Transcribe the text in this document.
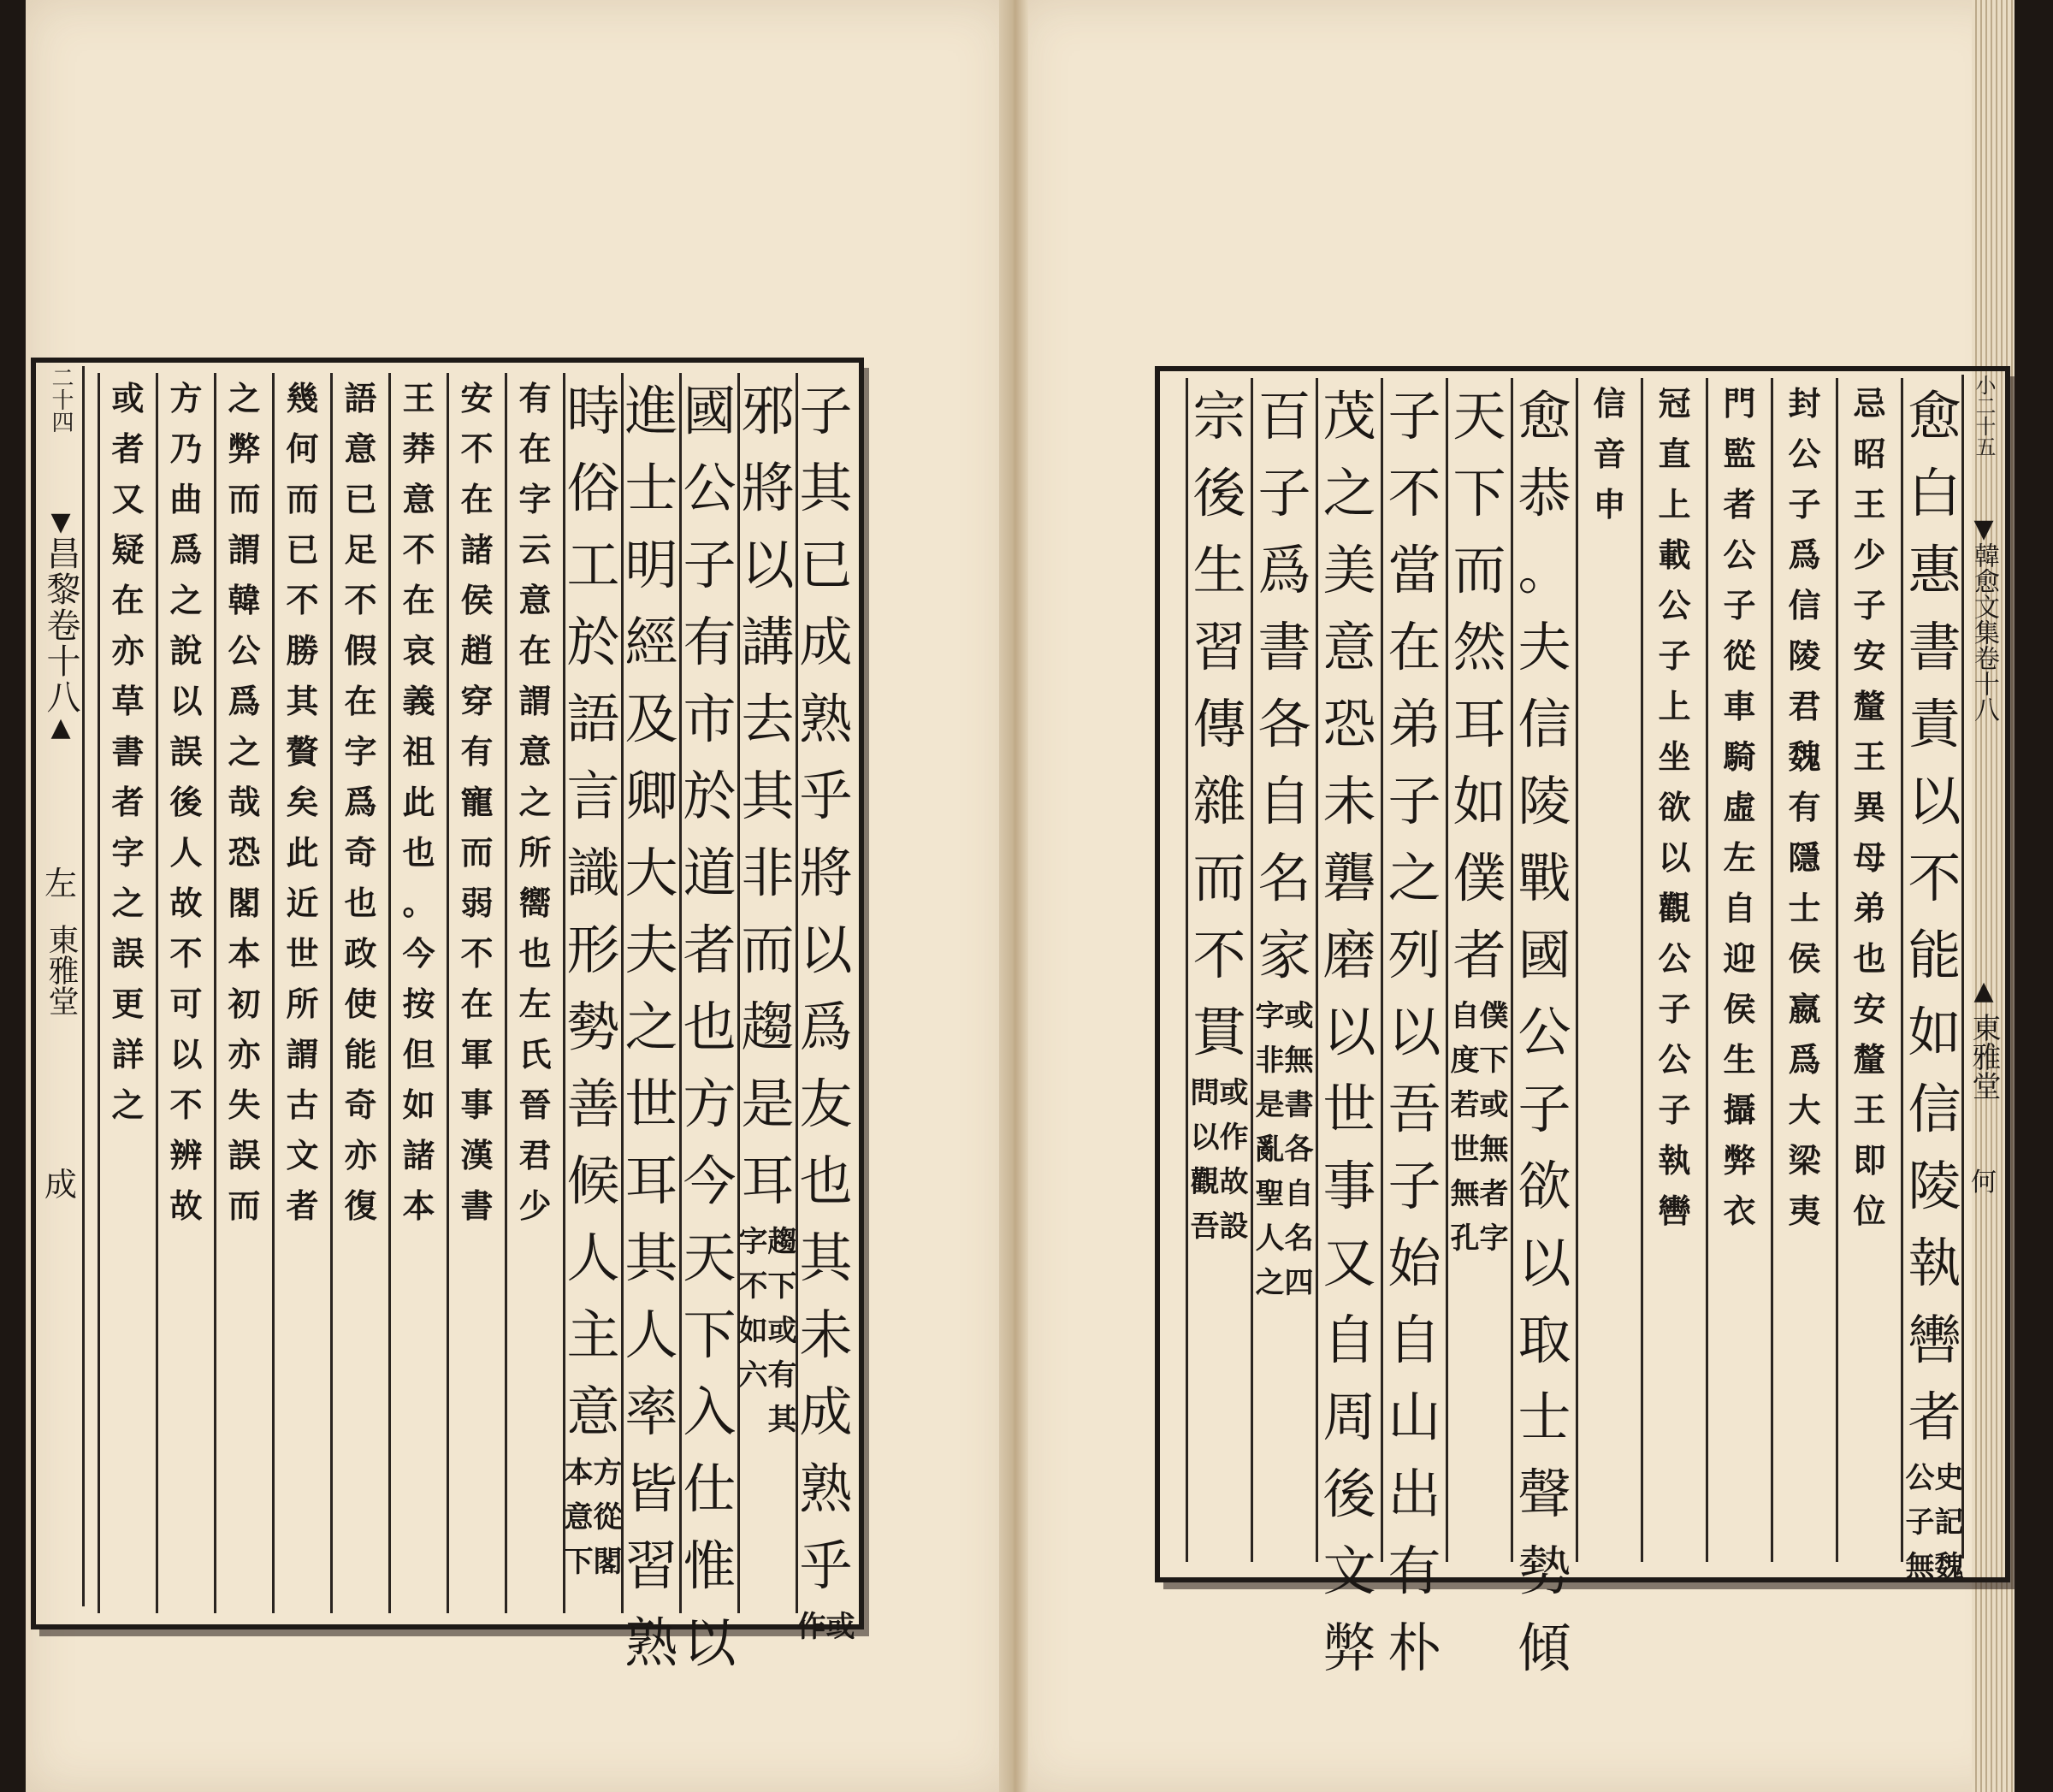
子
其
已
成
熟
乎
將
以
爲
友
也
其
未
成
熟
乎
或
作
邪
將
以
講
去
其
非
而
趨
是
耳
趨
字
下
不
或
如
有
六
其
國
公
子
有
市
於
道
者
也
方
今
天
下
入
仕
惟
以
進
士
明
經
及
卿
大
夫
之
世
耳
其
人
率
皆
習
熟
時
俗
工
於
語
言
識
形
勢
善
候
人
主
意
方
本
從
意
閣
下
有
在
字
云
意
在
謂
意
之
所
嚮
也
左
氏
晉
君
少
安
不
在
諸
侯
趙
穿
有
寵
而
弱
不
在
軍
事
漢
書
王
莽
意
不
在
哀
義
祖
此
也
。
今
按
但
如
諸
本
語
意
已
足
不
假
在
字
爲
奇
也
政
使
能
奇
亦
復
幾
何
而
已
不
勝
其
贅
矣
此
近
世
所
謂
古
文
者
之
弊
而
謂
韓
公
爲
之
哉
恐
閣
本
初
亦
失
誤
而
方
乃
曲
爲
之
說
以
誤
後
人
故
不
可
以
不
辨
故
或
者
又
疑
在
亦
草
書
者
字
之
誤
更
詳
之
二十四
▼
昌黎卷十八
▲
左
東雅堂
成
愈
白
惠
書
責
以
不
能
如
信
陵
執
轡
者
史
公
記
子
魏
無
忌
昭
王
少
子
安
釐
王
異
母
弟
也
安
釐
王
即
位
封
公
子
爲
信
陵
君
魏
有
隱
士
侯
嬴
爲
大
梁
夷
門
監
者
公
子
從
車
騎
虛
左
自
迎
侯
生
攝
弊
衣
冠
直
上
載
公
子
上
坐
欲
以
觀
公
子
公
子
執
轡
信
音
申
愈
恭
。
夫
信
陵
戰
國
公
子
欲
以
取
士
聲
勢
傾
天
下
而
然
耳
如
僕
者
僕
自
下
度
或
若
無
世
者
無
字
孔
子
不
當
在
弟
子
之
列
以
吾
子
始
自
山
出
有
朴
茂
之
美
意
恐
未
礱
磨
以
世
事
又
自
周
後
文
弊
百
子
爲
書
各
自
名
家
或
字
無
非
書
是
各
亂
自
聖
名
人
四
之
宗
後
生
習
傳
雜
而
不
貫
或
問
作
以
故
觀
設
吾
小二十五
▼
韓愈文集卷十八
▲
東雅堂
何
